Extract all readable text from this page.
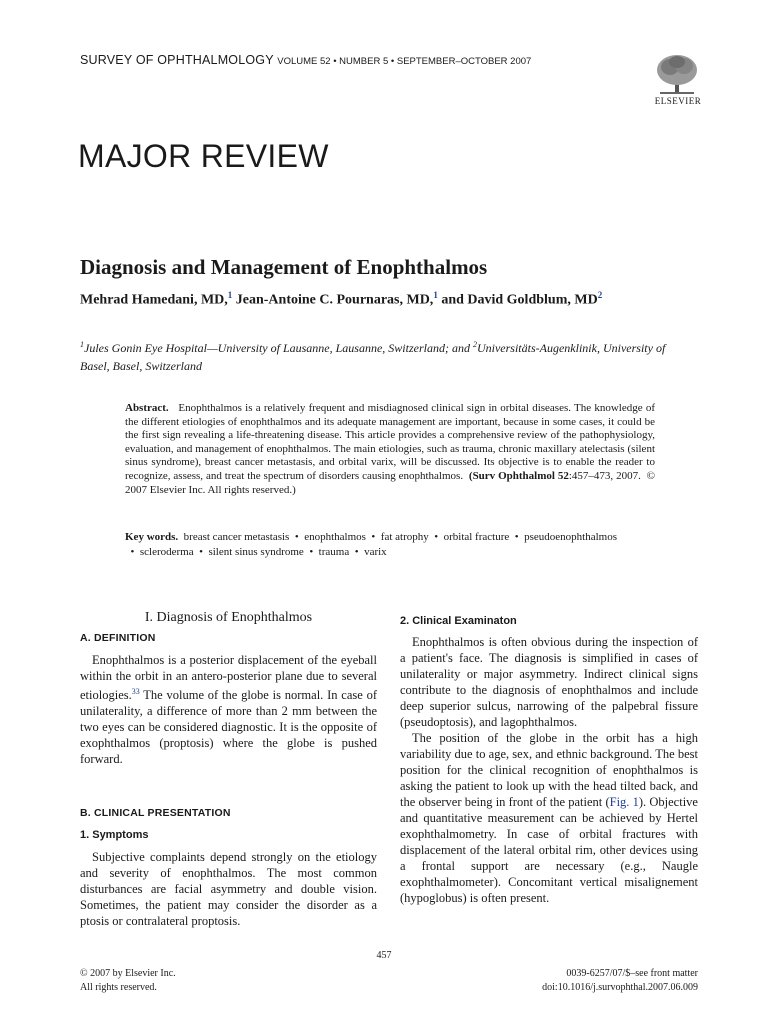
SURVEY OF OPHTHALMOLOGY VOLUME 52 • NUMBER 5 • SEPTEMBER–OCTOBER 2007
ELSEVIER
MAJOR REVIEW
Diagnosis and Management of Enophthalmos
Mehrad Hamedani, MD,$^1$ Jean-Antoine C. Pournaras, MD,$^1$ and David Goldblum, $MD^2$
$^1$Jules Gonin Eye Hospital—University of Lausanne, Lausanne, Switzerland; and $^2$Universitäts-Augenklinik, University of Basel, Basel, Switzerland
Abstract. Enophthalmos is a relatively frequent and misdiagnosed clinical sign in orbital diseases. The knowledge of the different etiologies of enophthalmos and its adequate management are important, because in some cases, it could be the first sign revealing a life-threatening disease. This article provides a comprehensive review of the pathophysiology, evaluation, and management of enophthalmos. The main etiologies, such as trauma, chronic maxillary atelectasis (silent sinus syndrome), breast cancer metastasis, and orbital varix, will be discussed. Its objective is to enable the reader to recognize, assess, and treat the spectrum of disorders causing enophthalmos. (Surv Ophthalmol 52:457–473, 2007. © 2007 Elsevier Inc. All rights reserved.)
Key words. breast cancer metastasis  •  enophthalmos  •  fat atrophy  •  orbital fracture  •  pseudoenophthalmos  •  scleroderma  •  silent sinus syndrome  •  trauma  •  varix
I. Diagnosis of Enophthalmos
A. DEFINITION

Enophthalmos is a posterior displacement of the eyeball within the orbit in an antero-posterior plane due to several etiologies.$^{33}$ The volume of the globe is normal. In case of unilaterality, a difference of more than 2 mm between the two eyes can be considered diagnostic. It is the opposite of exophthalmos (proptosis) where the globe is pushed forward.

B. CLINICAL PRESENTATION
1. Symptoms

Subjective complaints depend strongly on the etiology and severity of enophthalmos. The most common disturbances are facial asymmetry and double vision. Sometimes, the patient may consider the disorder as a ptosis or contralateral proptosis.

2. Clinical Examinaton

Enophthalmos is often obvious during the inspection of a patient's face. The diagnosis is simplified in cases of unilaterality or major asymmetry. Indirect clinical signs contribute to the diagnosis of enophthalmos and include deep superior sulcus, narrowing of the palpebral fissure (pseudoptosis), and lagophthalmos.

The position of the globe in the orbit has a high variability due to age, sex, and ethnic background. The best position for the clinical recognition of enophthalmos is asking the patient to look up with the head tilted back, and the observer being in front of the patient (Fig. 1). Objective and quantitative measurement can be achieved by Hertel exophthalmometry. In case of orbital fractures with displacement of the lateral orbital rim, other devices using a frontal support are necessary (e.g., Naugle exophthalmometer). Concomitant vertical misalignement (hypoglobus) is often present.

457
© 2007 by Elsevier Inc.
All rights reserved.
0039-6257/07/$–see front matter
doi:10.1016/j.survophthal.2007.06.009
